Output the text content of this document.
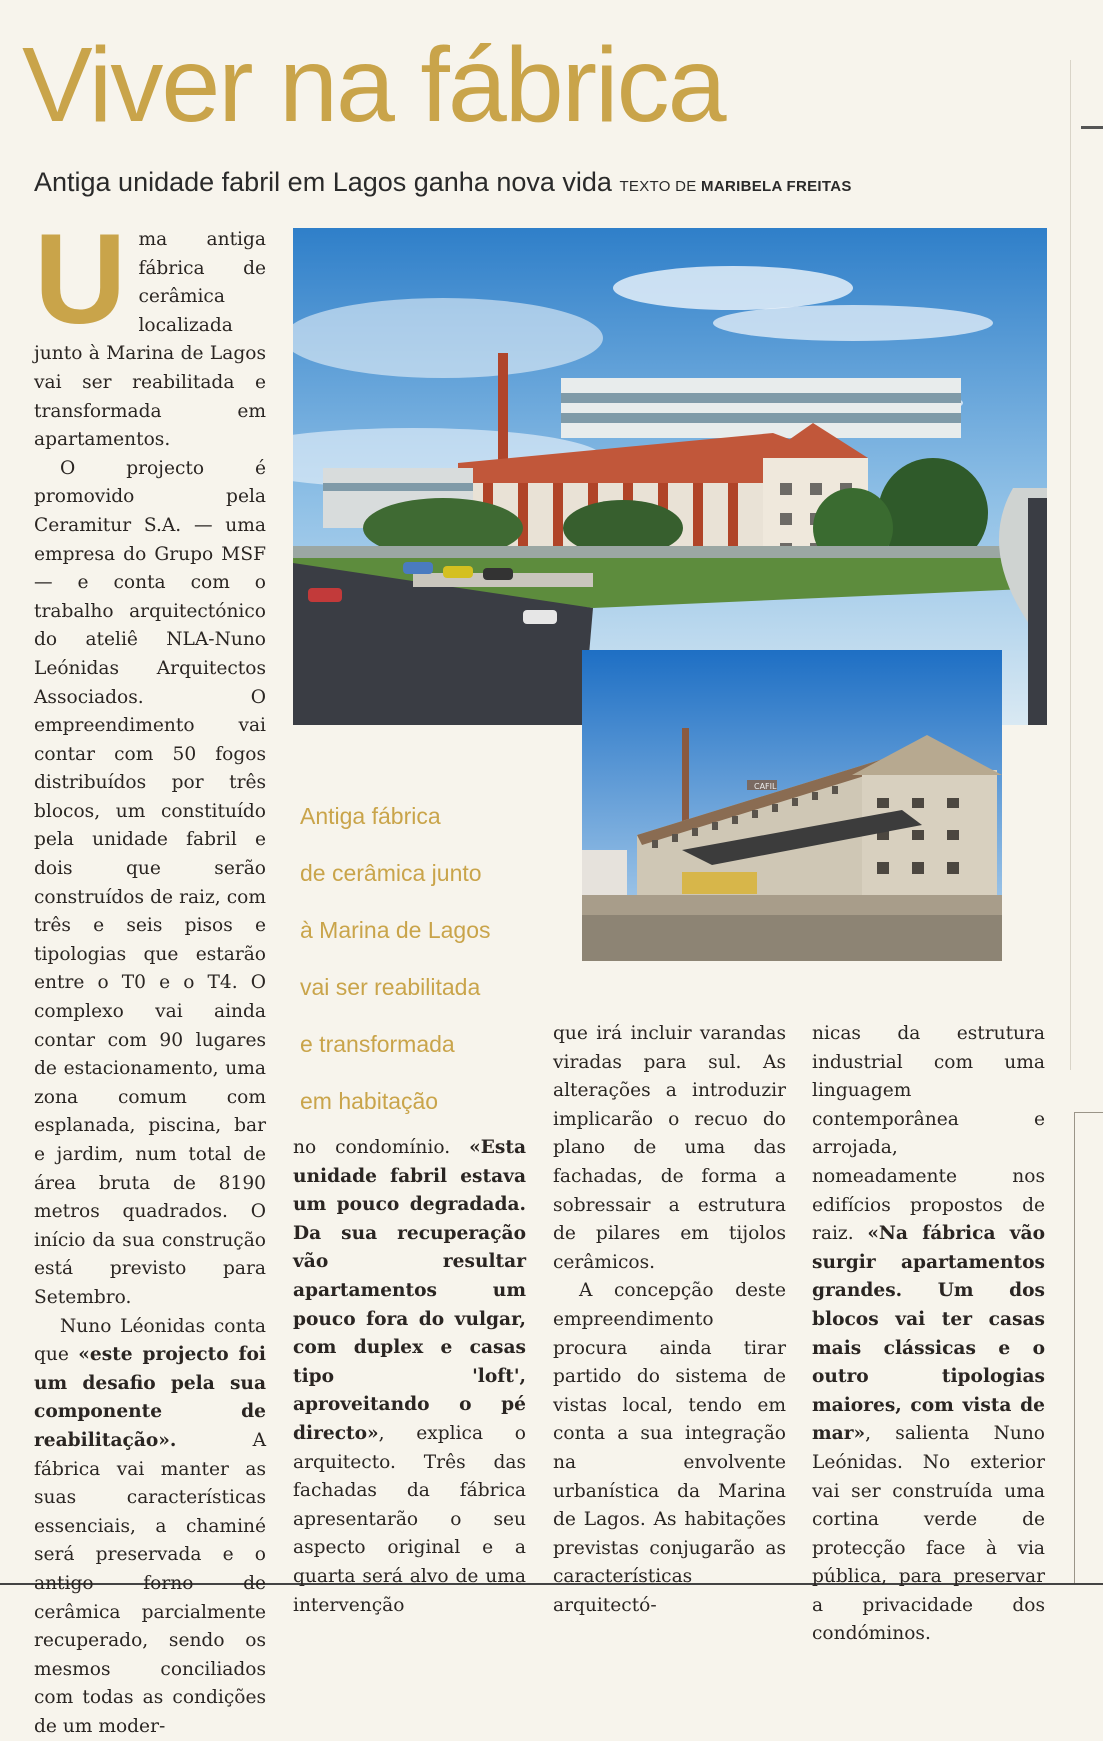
Viver na fábrica
Antiga unidade fabril em Lagos ganha nova vida TEXTO DE MARIBELA FREITAS
U ma antiga fábrica de cerâmica localizada junto à Marina de Lagos vai ser reabilitada e transformada em apartamentos.

O projecto é promovido pela Ceramitur S.A. — uma empresa do Grupo MSF — e conta com o trabalho arquitectónico do ateliê NLA-Nuno Leónidas Arquitectos Associados. O empreendimento vai contar com 50 fogos distribuídos por três blocos, um constituído pela unidade fabril e dois que serão construídos de raiz, com três e seis pisos e tipologias que estarão entre o T0 e o T4. O complexo vai ainda contar com 90 lugares de estacionamento, uma zona comum com esplanada, piscina, bar e jardim, num total de área bruta de 8190 metros quadrados. O início da sua construção está previsto para Setembro.

Nuno Léonidas conta que «este projecto foi um desafio pela sua componente de reabilitação». A fábrica vai manter as suas características essenciais, a chaminé será preservada e o antigo forno de cerâmica parcialmente recuperado, sendo os mesmos conciliados com todas as condições de um moder-

CAFIL
Antiga fábrica
de cerâmica junto
à Marina de Lagos
vai ser reabilitada
e transformada
em habitação

no condomínio. «Esta unidade fabril estava um pouco degradada. Da sua recuperação vão resultar apartamentos um pouco fora do vulgar, com duplex e casas tipo 'loft', aproveitando o pé directo», explica o arquitecto. Três das fachadas da fábrica apresentarão o seu aspecto original e a quarta será alvo de uma intervenção

que irá incluir varandas viradas para sul. As alterações a introduzir implicarão o recuo do plano de uma das fachadas, de forma a sobressair a estrutura de pilares em tijolos cerâmicos.

A concepção deste empreendimento procura ainda tirar partido do sistema de vistas local, tendo em conta a sua integração na envolvente urbanística da Marina de Lagos. As habitações previstas conjugarão as características arquitectó-

nicas da estrutura industrial com uma linguagem contemporânea e arrojada, nomeadamente nos edifícios propostos de raiz. «Na fábrica vão surgir apartamentos grandes. Um dos blocos vai ter casas mais clássicas e o outro tipologias maiores, com vista de mar», salienta Nuno Leónidas. No exterior vai ser construída uma cortina verde de protecção face à via pública, para preservar a privacidade dos condóminos.
